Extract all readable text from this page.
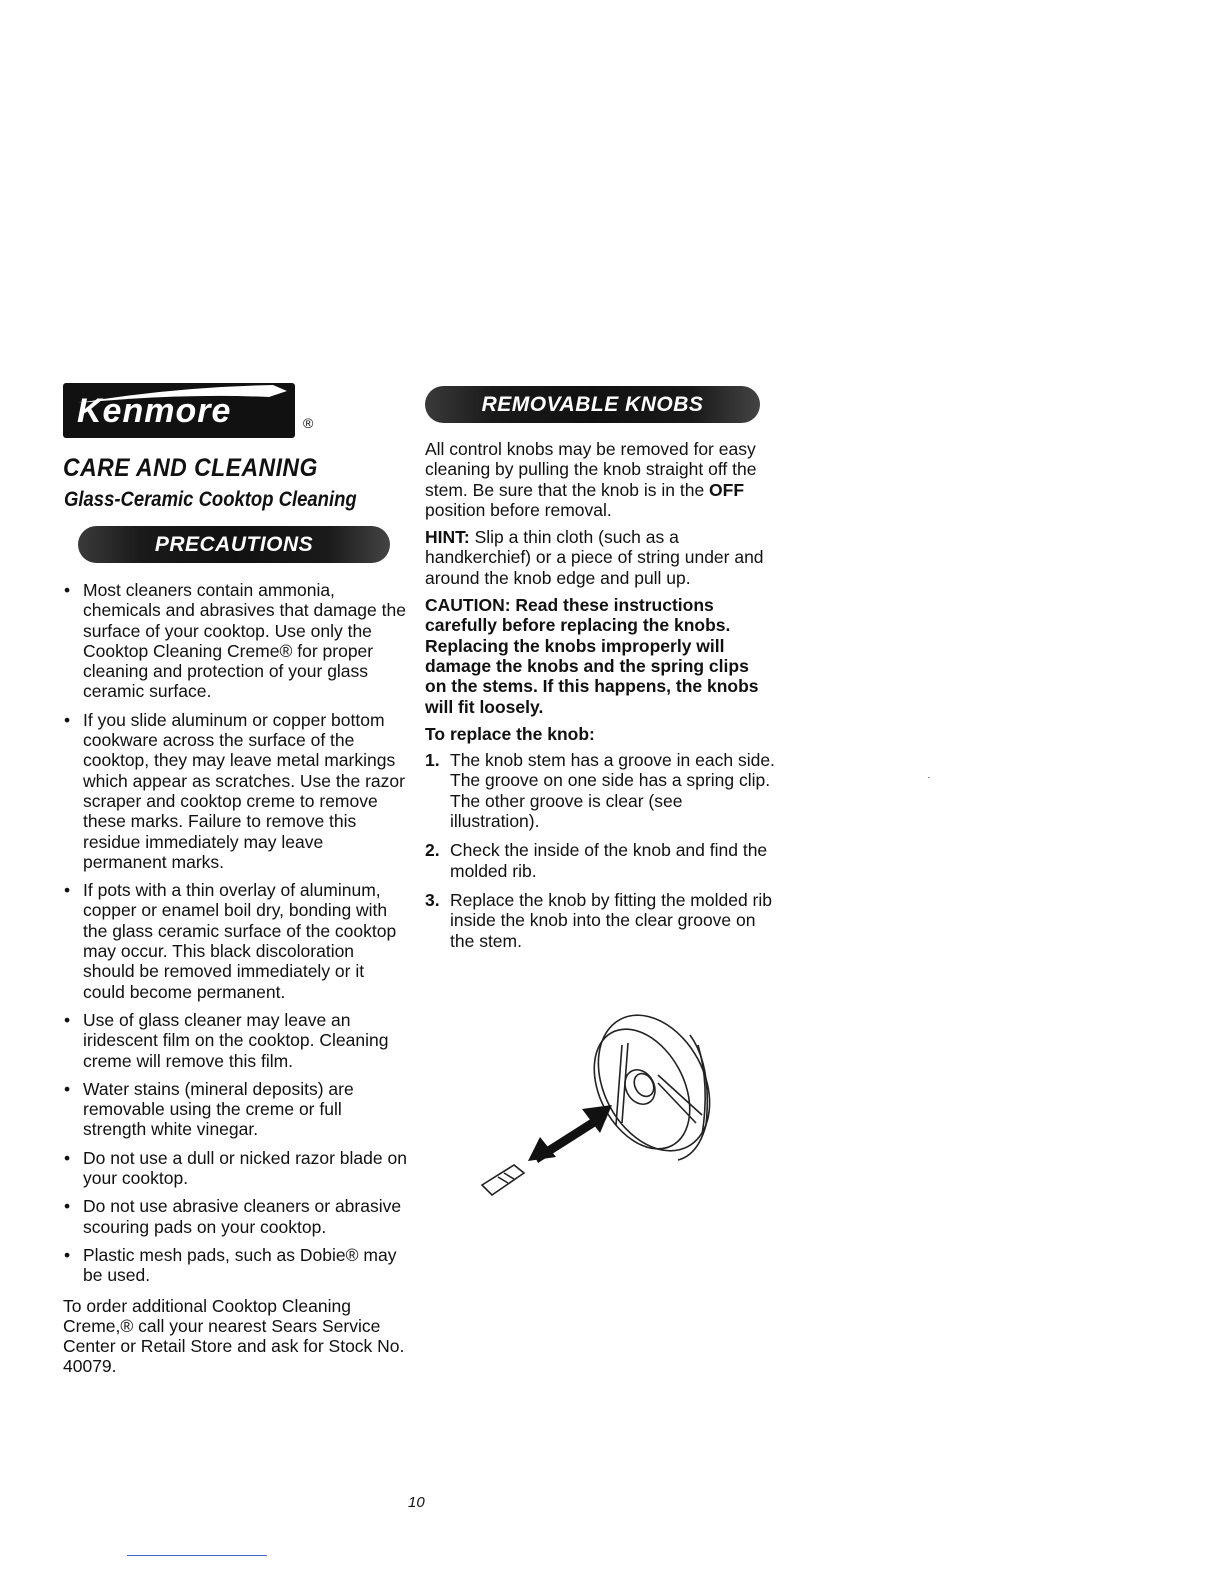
Kenmore	®
CARE AND CLEANING
Glass-Ceramic Cooktop Cleaning
PRECAUTIONS
• Most cleaners contain ammonia, chemicals and abrasives that damage the surface of your cooktop. Use only the Cooktop Cleaning Creme® for proper cleaning and protection of your glass ceramic surface.
• If you slide aluminum or copper bottom cookware across the surface of the cooktop, they may leave metal markings which appear as scratches. Use the razor scraper and cooktop creme to remove these marks. Failure to remove this residue immediately may leave permanent marks.
• If pots with a thin overlay of aluminum, copper or enamel boil dry, bonding with the glass ceramic surface of the cooktop may occur. This black discoloration should be removed immediately or it could become permanent.
• Use of glass cleaner may leave an iridescent film on the cooktop. Cleaning creme will remove this film.
• Water stains (mineral deposits) are removable using the creme or full strength white vinegar.
• Do not use a dull or nicked razor blade on your cooktop.
• Do not use abrasive cleaners or abrasive scouring pads on your cooktop.
• Plastic mesh pads, such as Dobie® may be used.
To order additional Cooktop Cleaning Creme,® call your nearest Sears Service Center or Retail Store and ask for Stock No. 40079.
REMOVABLE KNOBS

All control knobs may be removed for easy cleaning by pulling the knob straight off the stem. Be sure that the knob is in the OFF position before removal.

HINT: Slip a thin cloth (such as a handkerchief) or a piece of string under and around the knob edge and pull up.

CAUTION: Read these instructions carefully before replacing the knobs. Replacing the knobs improperly will damage the knobs and the spring clips on the stems. If this happens, the knobs will fit loosely.

To replace the knob:

1. The knob stem has a groove in each side. The groove on one side has a spring clip. The other groove is clear (see illustration).
2. Check the inside of the knob and find the molded rib.
3. Replace the knob by fitting the molded rib inside the knob into the clear groove on the stem.
10
